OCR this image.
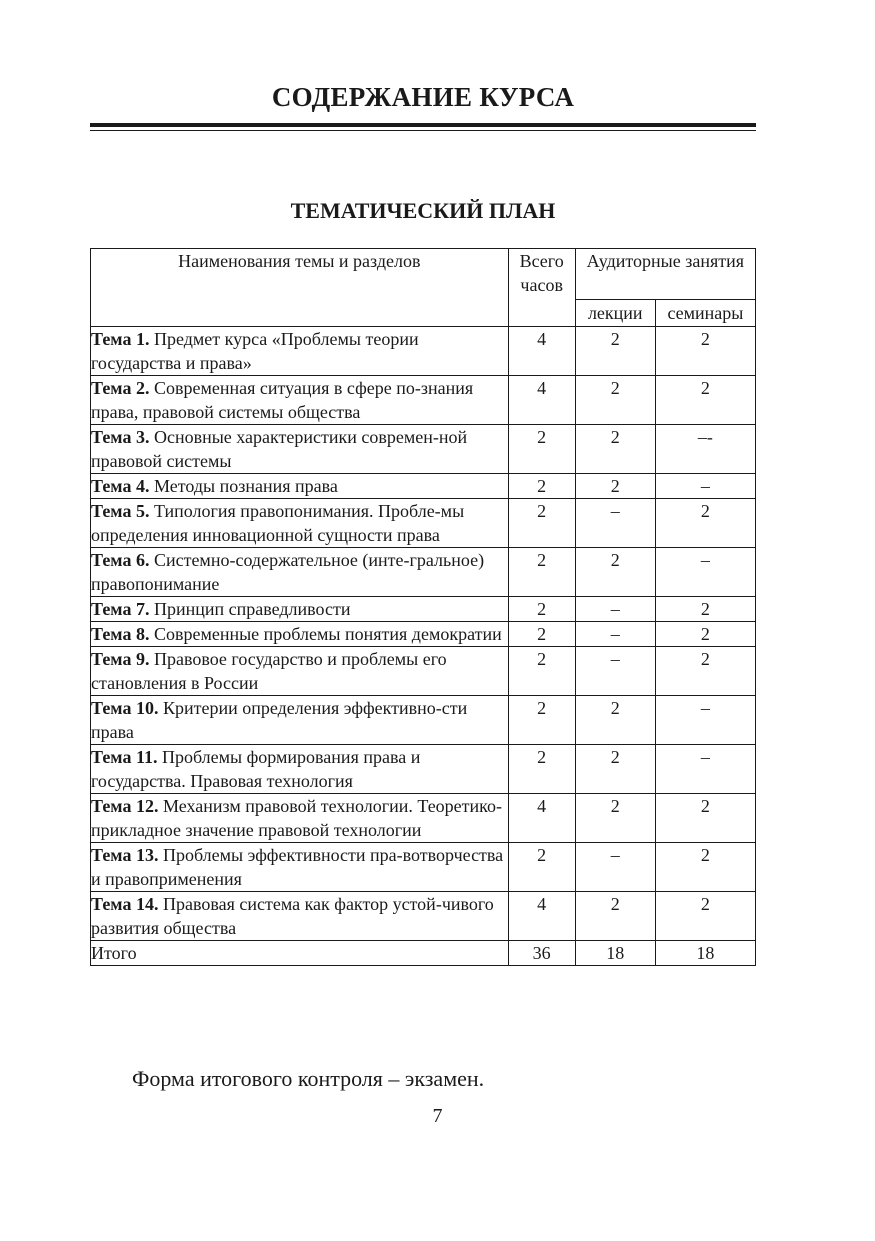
СОДЕРЖАНИЕ КУРСА
ТЕМАТИЧЕСКИЙ ПЛАН
Наименования темы и разделов	Всего часов	Аудиторные занятия	
		лекции	семинары
Тема 1. Предмет курса «Проблемы теории государства и права»	4	2	2
Тема 2. Современная ситуация в сфере по-знания права, правовой системы общества	4	2	2
Тема 3. Основные характеристики современ-ной правовой системы	2	2	–-
Тема 4. Методы познания права	2	2	–
Тема 5. Типология правопонимания. Пробле-мы определения инновационной сущности права	2	–	2
Тема 6. Системно-содержательное (инте-гральное) правопонимание	2	2	–
Тема 7. Принцип справедливости	2	–	2
Тема 8. Современные проблемы понятия демократии	2	–	2
Тема 9. Правовое государство и проблемы его становления в России	2	–	2
Тема 10. Критерии определения эффективно-сти права	2	2	–
Тема 11. Проблемы формирования права и государства. Правовая технология	2	2	–
Тема 12. Механизм правовой технологии. Теоретико-прикладное значение правовой технологии	4	2	2
Тема 13. Проблемы эффективности пра-вотворчества и правоприменения	2	–	2
Тема 14. Правовая система как фактор устой-чивого развития общества	4	2	2
Итого	36	18	18
Форма итогового контроля – экзамен.
7
